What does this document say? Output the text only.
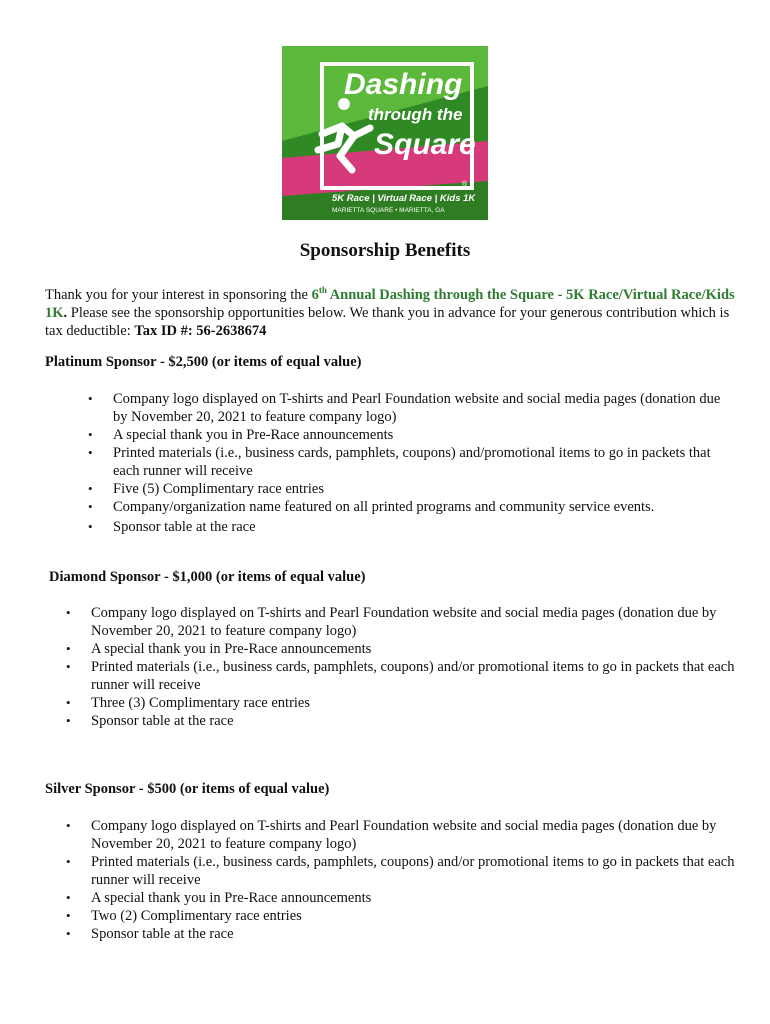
Dashing
through the
Square
®
5K Race | Virtual Race | Kids 1K
MARIETTA SQUARE • MARIETTA, GA
Sponsorship Benefits
Thank you for your interest in sponsoring the 6th Annual Dashing through the Square - 5K Race/Virtual Race/Kids 1K. Please see the sponsorship opportunities below. We thank you in advance for your generous contribution which is tax deductible: Tax ID #: 56-2638674
Platinum Sponsor - $2,500 (or items of equal value)
• Company logo displayed on T-shirts and Pearl Foundation website and social media pages (donation due by November 20, 2021 to feature company logo)
• A special thank you in Pre-Race announcements
• Printed materials (i.e., business cards, pamphlets, coupons) and/promotional items to go in packets that each runner will receive
• Five (5) Complimentary race entries
• Company/organization name featured on all printed programs and community service events.
• Sponsor table at the race
Diamond Sponsor - $1,000 (or items of equal value)
• Company logo displayed on T-shirts and Pearl Foundation website and social media pages (donation due by November 20, 2021 to feature company logo)
• A special thank you in Pre-Race announcements
• Printed materials (i.e., business cards, pamphlets, coupons) and/or promotional items to go in packets that each runner will receive
• Three (3) Complimentary race entries
• Sponsor table at the race
Silver Sponsor - $500 (or items of equal value)
• Company logo displayed on T-shirts and Pearl Foundation website and social media pages (donation due by November 20, 2021 to feature company logo)
• Printed materials (i.e., business cards, pamphlets, coupons) and/or promotional items to go in packets that each runner will receive
• A special thank you in Pre-Race announcements
• Two (2) Complimentary race entries
• Sponsor table at the race
